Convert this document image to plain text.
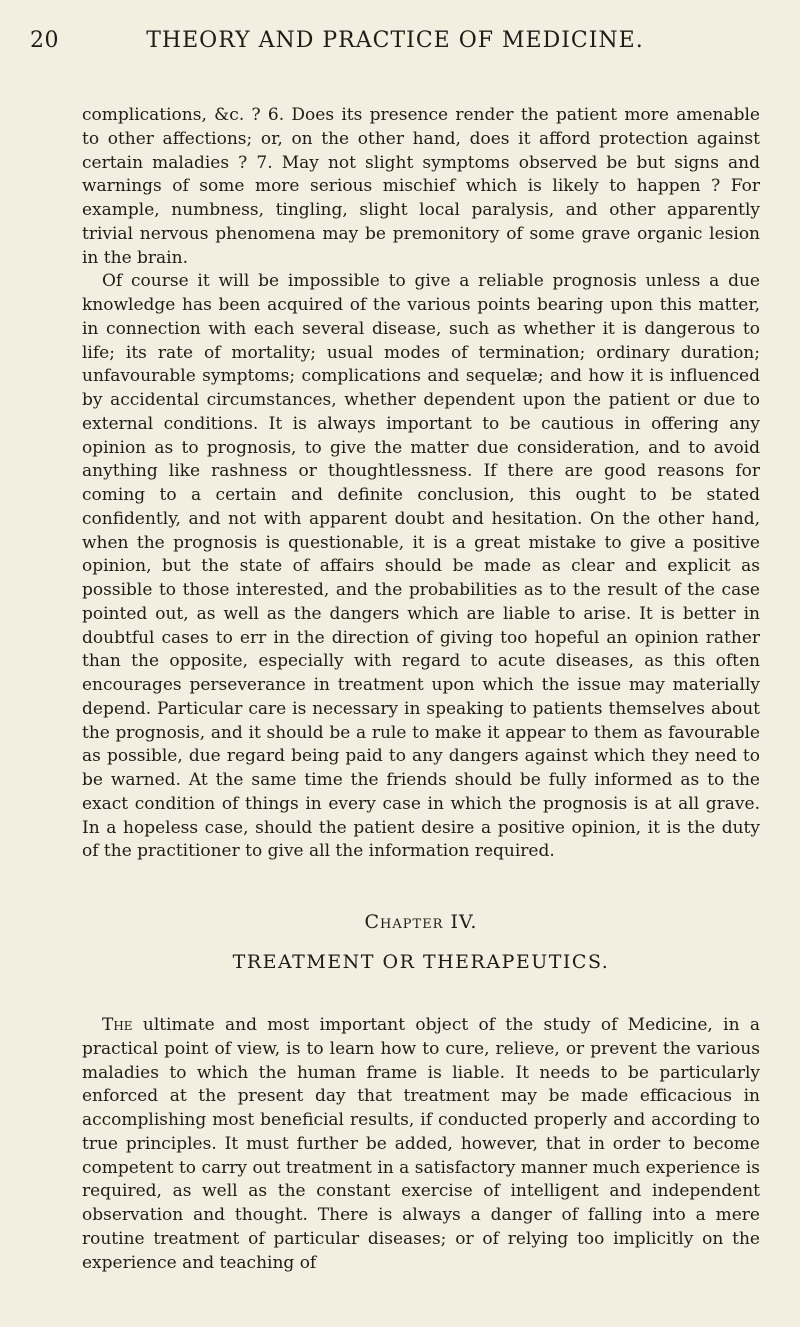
20	THEORY AND PRACTICE OF MEDICINE.

complications, &c. ? 6. Does its presence render the patient more amenable to other affections; or, on the other hand, does it afford protection against certain maladies ? 7. May not slight symptoms observed be but signs and warnings of some more serious mischief which is likely to happen ? For example, numbness, tingling, slight local paralysis, and other apparently trivial nervous phenomena may be premonitory of some grave organic lesion in the brain.

Of course it will be impossible to give a reliable prognosis unless a due knowledge has been acquired of the various points bearing upon this matter, in connection with each several disease, such as whether it is dangerous to life; its rate of mortality; usual modes of termination; ordinary duration; unfavourable symptoms; complications and sequelæ; and how it is influenced by accidental circumstances, whether dependent upon the patient or due to external conditions. It is always important to be cautious in offering any opinion as to prognosis, to give the matter due consideration, and to avoid anything like rashness or thoughtlessness. If there are good reasons for coming to a certain and definite conclusion, this ought to be stated confidently, and not with apparent doubt and hesitation. On the other hand, when the prognosis is questionable, it is a great mistake to give a positive opinion, but the state of affairs should be made as clear and explicit as possible to those interested, and the probabilities as to the result of the case pointed out, as well as the dangers which are liable to arise. It is better in doubtful cases to err in the direction of giving too hopeful an opinion rather than the opposite, especially with regard to acute diseases, as this often encourages perseverance in treatment upon which the issue may materially depend. Particular care is necessary in speaking to patients themselves about the prognosis, and it should be a rule to make it appear to them as favourable as possible, due regard being paid to any dangers against which they need to be warned. At the same time the friends should be fully informed as to the exact condition of things in every case in which the prognosis is at all grave. In a hopeless case, should the patient desire a positive opinion, it is the duty of the practitioner to give all the information required.

Chapter IV.
TREATMENT OR THERAPEUTICS.

The ultimate and most important object of the study of Medicine, in a practical point of view, is to learn how to cure, relieve, or prevent the various maladies to which the human frame is liable. It needs to be particularly enforced at the present day that treatment may be made efficacious in accomplishing most beneficial results, if conducted properly and according to true principles. It must further be added, however, that in order to become competent to carry out treatment in a satisfactory manner much experience is required, as well as the constant exercise of intelligent and independent observation and thought. There is always a danger of falling into a mere routine treatment of particular diseases; or of relying too implicitly on the experience and teaching of
